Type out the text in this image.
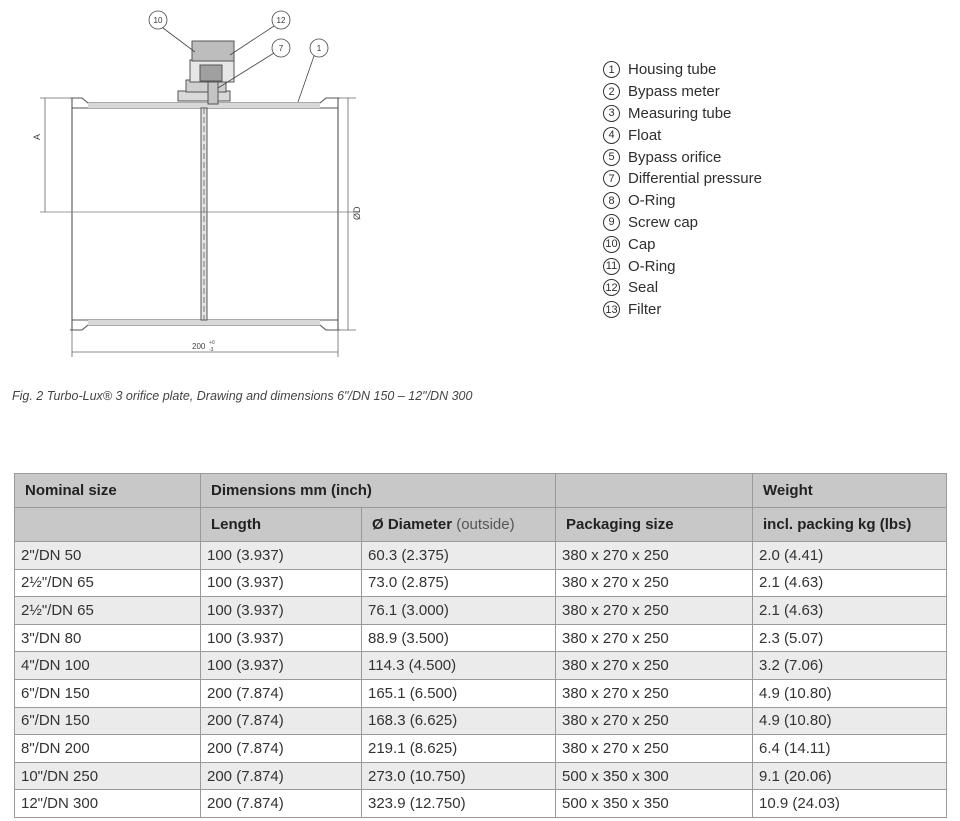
A
ØD
200 +0
-3
10	12
7	1
1 Housing tube
2 Bypass meter
3 Measuring tube
4 Float
5 Bypass orifice
7 Differential pressure
8 O-Ring
9 Screw cap
10 Cap
11 O-Ring
12 Seal
13 Filter
Fig. 2 Turbo-Lux® 3 orifice plate, Drawing and dimensions 6"/DN 150 – 12"/DN 300
Nominal size	Dimensions mm (inch)			Weight
	Length	Ø Diameter (outside)	Packaging size	incl. packing kg (lbs)
2"/DN 50	100 (3.937)	60.3 (2.375)	380 x 270 x 250	2.0 (4.41)
2½"/DN 65	100 (3.937)	73.0 (2.875)	380 x 270 x 250	2.1 (4.63)
2½"/DN 65	100 (3.937)	76.1 (3.000)	380 x 270 x 250	2.1 (4.63)
3"/DN 80	100 (3.937)	88.9 (3.500)	380 x 270 x 250	2.3 (5.07)
4"/DN 100	100 (3.937)	114.3 (4.500)	380 x 270 x 250	3.2 (7.06)
6"/DN 150	200 (7.874)	165.1 (6.500)	380 x 270 x 250	4.9 (10.80)
6"/DN 150	200 (7.874)	168.3 (6.625)	380 x 270 x 250	4.9 (10.80)
8"/DN 200	200 (7.874)	219.1 (8.625)	380 x 270 x 250	6.4 (14.11)
10"/DN 250	200 (7.874)	273.0 (10.750)	500 x 350 x 300	9.1 (20.06)
12"/DN 300	200 (7.874)	323.9 (12.750)	500 x 350 x 350	10.9 (24.03)
